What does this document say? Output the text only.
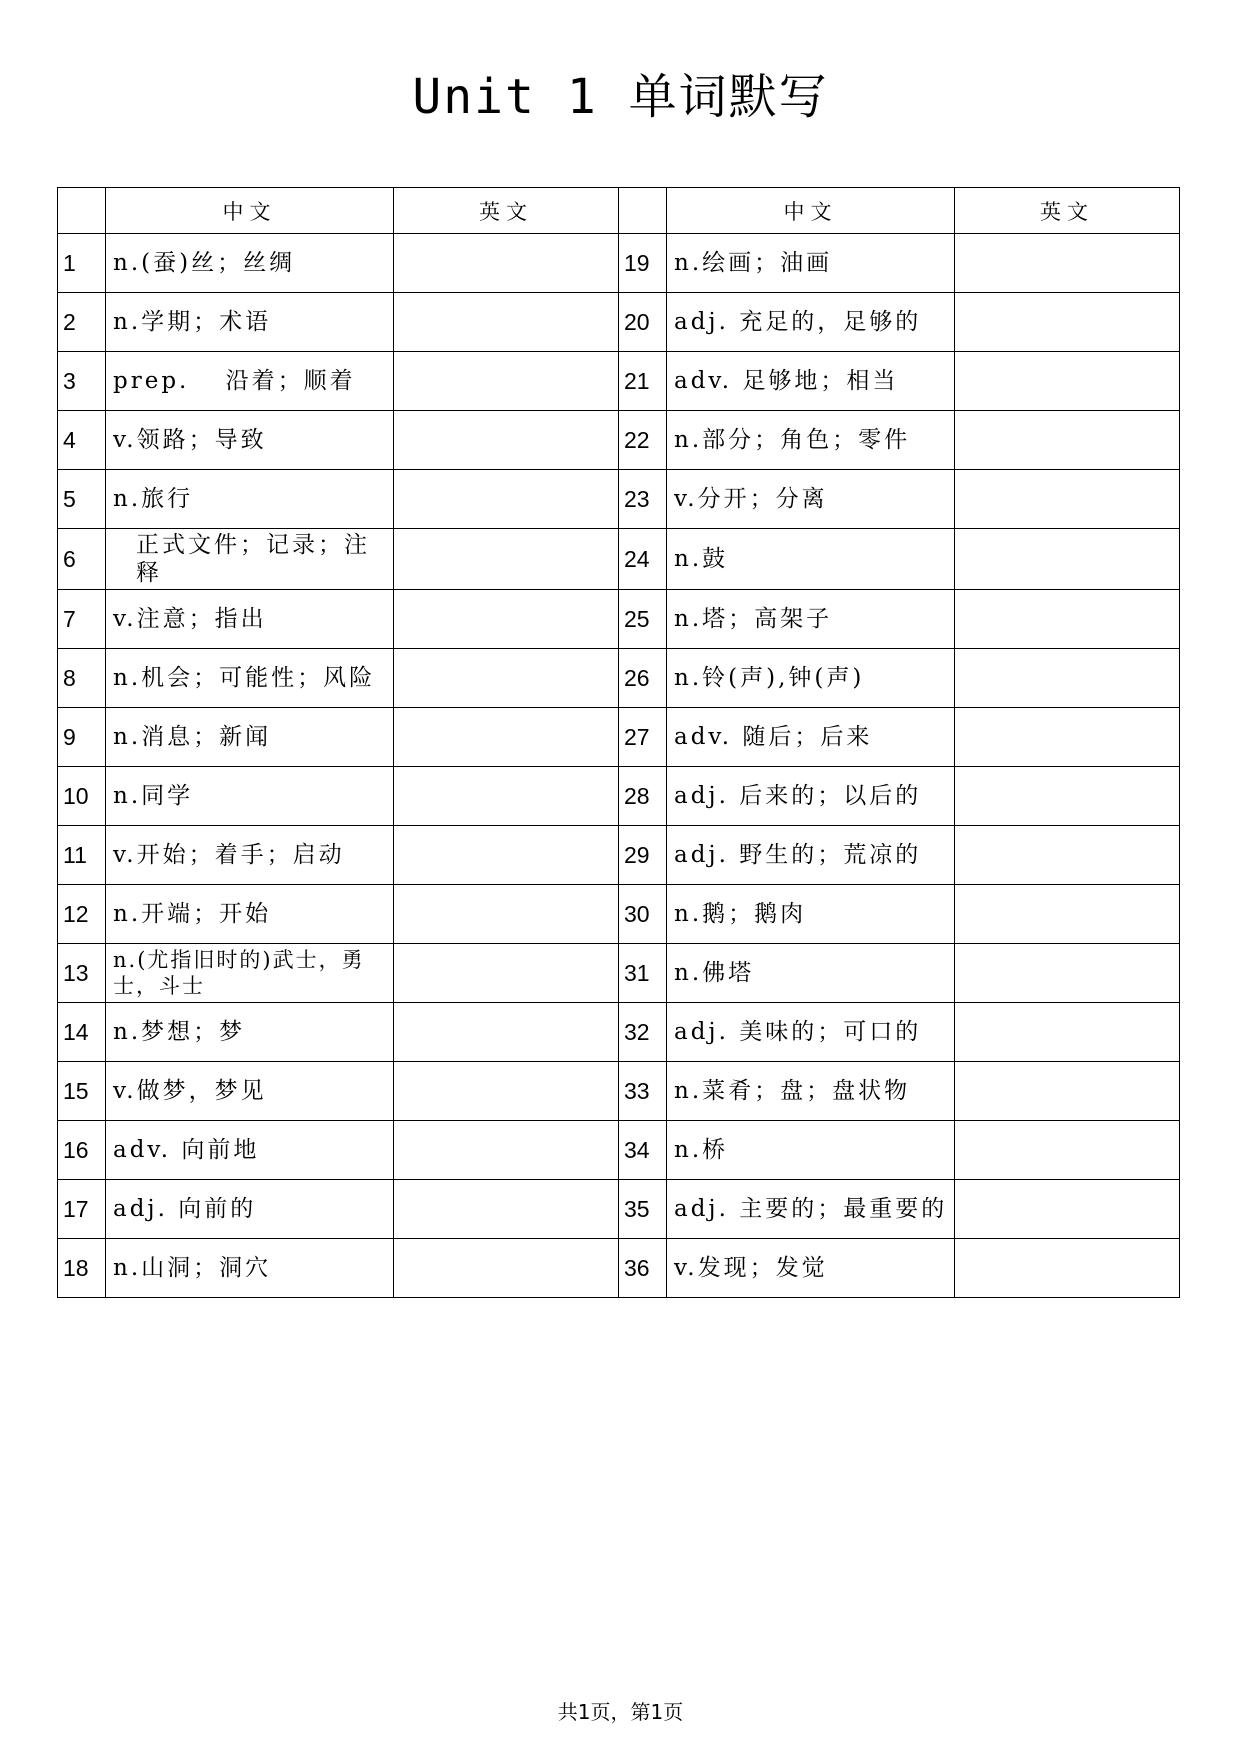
Unit 1 单词默写
	中文	英文		中文	英文
1	n.(蚕)丝；丝绸		19	n.绘画；油画	
2	n.学期；术语		20	adj. 充足的，足够的	
3	prep.　 沿着；顺着		21	adv. 足够地；相当	
4	v.领路；导致		22	n.部分；角色；零件	
5	n.旅行		23	v.分开；分离	
6	正式文件；记录；注释		24	n.鼓	
7	v.注意；指出		25	n.塔；高架子	
8	n.机会；可能性；风险		26	n.铃(声),钟(声)	
9	n.消息；新闻		27	adv. 随后；后来	
10	n.同学		28	adj. 后来的；以后的	
11	v.开始；着手；启动		29	adj. 野生的；荒凉的	
12	n.开端；开始		30	n.鹅；鹅肉	
13	n.(尤指旧时的)武士，勇士，斗士		31	n.佛塔	
14	n.梦想；梦		32	adj. 美味的；可口的	
15	v.做梦，梦见		33	n.菜肴；盘；盘状物	
16	adv. 向前地		34	n.桥	
17	adj. 向前的		35	adj. 主要的；最重要的	
18	n.山洞；洞穴		36	v.发现；发觉	
共1页，第1页
